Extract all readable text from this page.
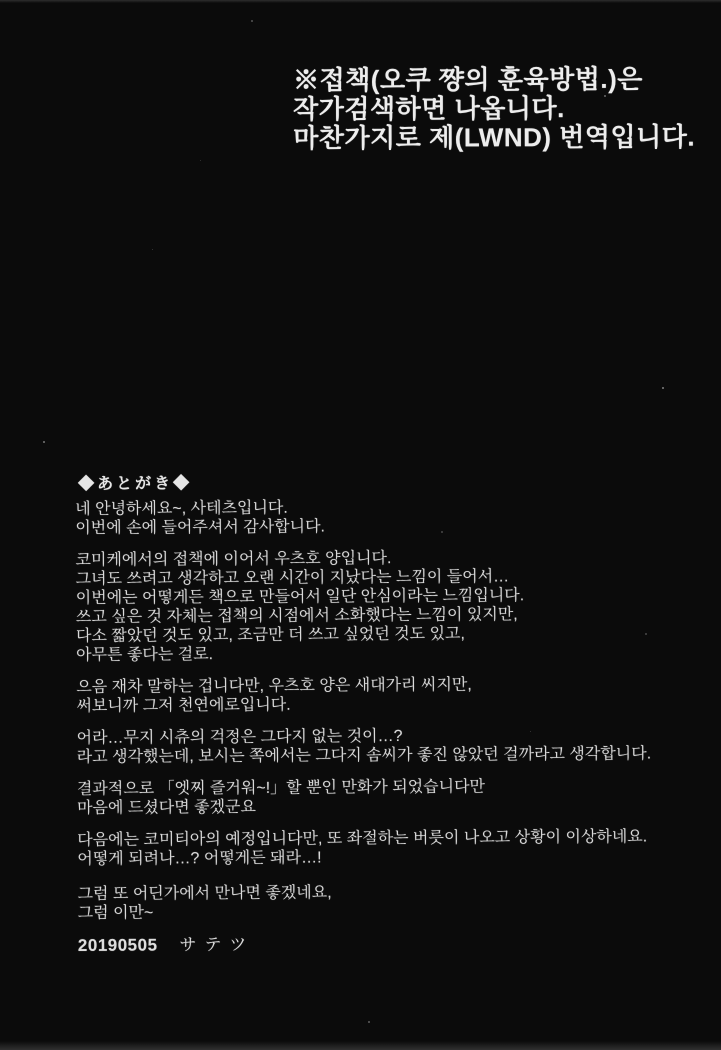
※접책(오쿠 쨩의 훈육방법.)은
작가검색하면 나옵니다.
마찬가지로 제(LWND) 번역입니다.
◆あとがき◆
네 안녕하세요~, 사테츠입니다.
이번에 손에 들어주셔서 감사합니다.
코미케에서의 접책에 이어서 우츠호 양입니다.
그녀도 쓰려고 생각하고 오랜 시간이 지났다는 느낌이 들어서…
이번에는 어떻게든 책으로 만들어서 일단 안심이라는 느낌입니다.
쓰고 싶은 것 자체는 접책의 시점에서 소화했다는 느낌이 있지만,
다소 짧았던 것도 있고, 조금만 더 쓰고 싶었던 것도 있고,
아무튼 좋다는 걸로.
으음 재차 말하는 겁니다만, 우츠호 양은 새대가리 씨지만,
써보니까 그저 천연에로입니다.
어라…무지 시츄의 걱정은 그다지 없는 것이…?
라고 생각했는데, 보시는 쪽에서는 그다지 솜씨가 좋진 않았던 걸까라고 생각합니다.
결과적으로 「엣찌 즐거워~!」할 뿐인 만화가 되었습니다만
마음에 드셨다면 좋겠군요
다음에는 코미티아의 예정입니다만, 또 좌절하는 버릇이 나오고 상황이 이상하네요.
어떻게 되려나…? 어떻게든 돼라…!
그럼 또 어딘가에서 만나면 좋겠네요,
그럼 이만~
20190505 サテツ
